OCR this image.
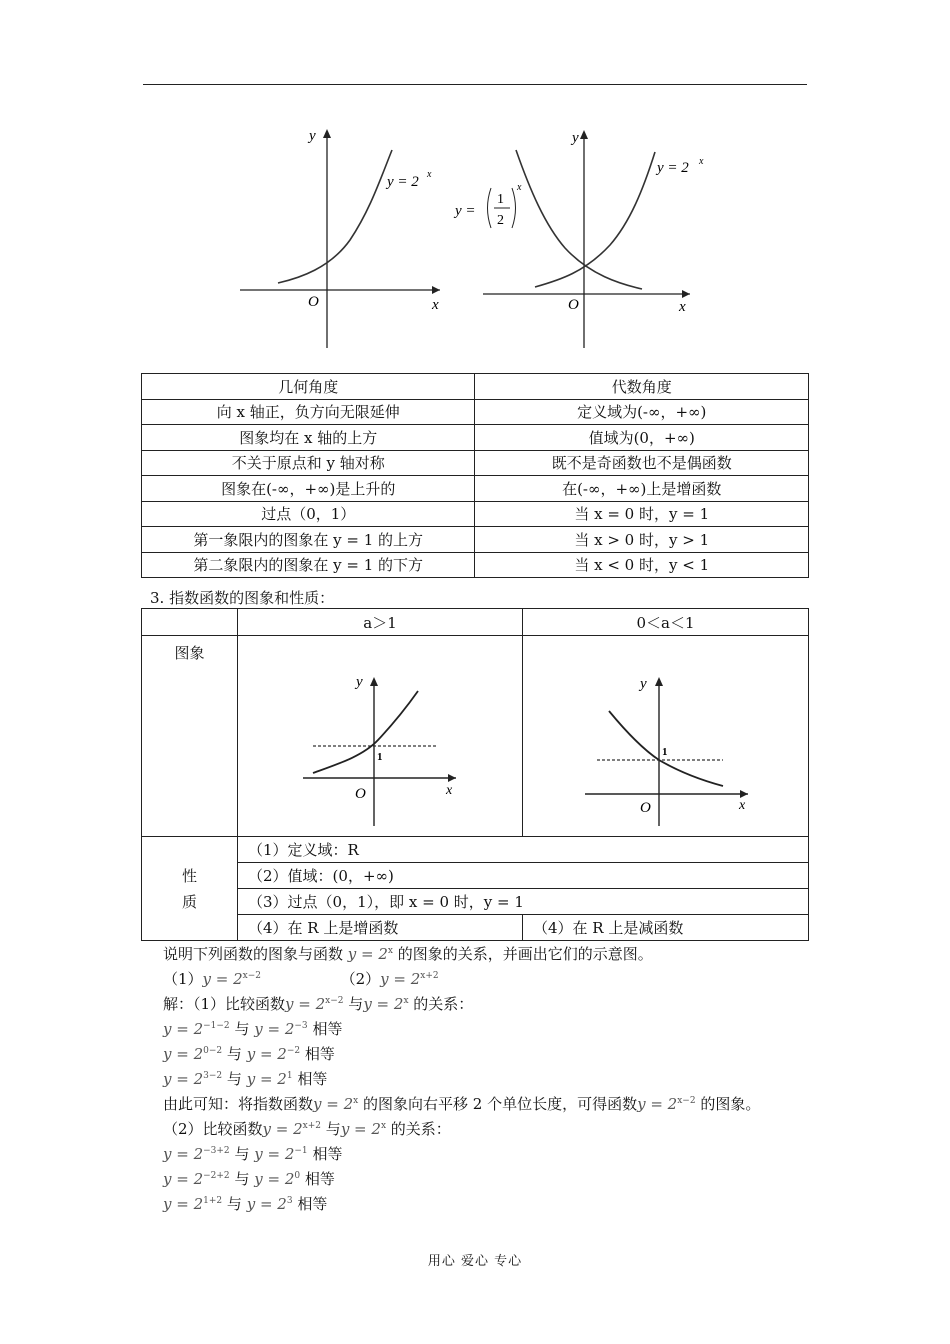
y
x
O
y = 2 x
y
x
O
y = 2 x
y =
1
2
x
几何角度	代数角度
向 x 轴正，负方向无限延伸	定义域为(-∞，+∞)
图象均在 x 轴的上方	值域为(0，+∞)
不关于原点和 y 轴对称	既不是奇函数也不是偶函数
图象在(-∞，+∞)是上升的	在(-∞，+∞)上是增函数
过点（0，1）	当 x = 0 时，y = 1
第一象限内的图象在 y = 1 的上方	当 x > 0 时，y > 1
第二象限内的图象在 y = 1 的下方	当 x < 0 时，y < 1
3. 指数函数的图象和性质：
	a＞1	0＜a＜1
图象	y
x
O
1	y
x
O
1

性
质	（1）定义域：R	
	（2）值域：(0，+∞)	
	（3）过点（0，1），即 x = 0 时，y = 1	
	（4）在 R 上是增函数	（4）在 R 上是减函数
说明下列函数的图象与函数 $y = 2^x$ 的图象的关系，并画出它们的示意图。
$(1)y = 2^{x-2}$	$(2)y = 2^{x+2}$
解：（1）比较函数$y = 2^{x-2}$ 与$y = 2^x$ 的关系：
$y = 2^{-1-2}$ 与 $y = 2^{-3}$ 相等
$y = 2^{0-2}$ 与 $y = 2^{-2}$ 相等
$y = 2^{3-2}$ 与 $y = 2^1$ 相等
由此可知：将指数函数$y = 2^x$ 的图象向右平移 2 个单位长度，可得函数$y = 2^{x-2}$ 的图象。
（2）比较函数$y = 2^{x+2}$ 与$y = 2^x$ 的关系：
$y = 2^{-3+2}$ 与 $y = 2^{-1}$ 相等
$y = 2^{-2+2}$ 与 $y = 2^0$ 相等
$y = 2^{1+2}$ 与 $y = 2^3$ 相等
用心 爱心 专心
